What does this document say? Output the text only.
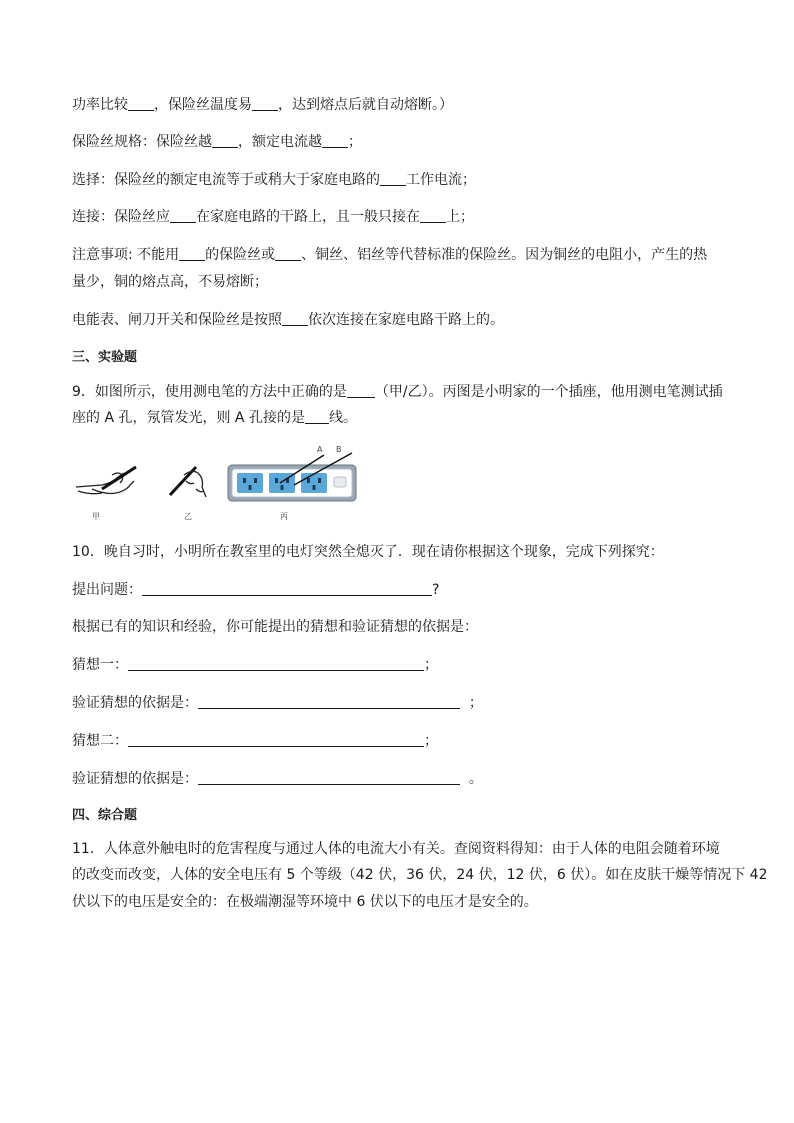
功率比较 ，保险丝温度易 ，达到熔点后就自动熔断。）
保险丝规格：保险丝越 ，额定电流越 ；
选择：保险丝的额定电流等于或稍大于家庭电路的 工作电流；
连接：保险丝应 在家庭电路的干路上，且一般只接在 上；
注意事项: 不能用 的保险丝或 、铜丝、铝丝等代替标准的保险丝。因为铜丝的电阻小，产生的热
量少，铜的熔点高，不易熔断；
电能表、闸刀开关和保险丝是按照 依次连接在家庭电路干路上的。
三、实验题
9．如图所示，使用测电笔的方法中正确的是 （甲/乙）。丙图是小明家的一个插座，他用测电笔测试插
座的 A 孔，氖管发光，则 A 孔接的是 线。
甲	乙	丙
A B
10．晚自习时，小明所在教室里的电灯突然全熄灭了．现在请你根据这个现象，完成下列探究：
提出问题：	?
根据已有的知识和经验，你可能提出的猜想和验证猜想的依据是：
猜想一：	；
验证猜想的依据是：	；
猜想二：	；
验证猜想的依据是：	。
四、综合题
11．人体意外触电时的危害程度与通过人体的电流大小有关。查阅资料得知：由于人体的电阻会随着环境
的改变而改变，人体的安全电压有 5 个等级（42 伏，36 伏，24 伏，12 伏，6 伏）。如在皮肤干燥等情况下 42
伏以下的电压是安全的：在极端潮湿等环境中 6 伏以下的电压才是安全的。
